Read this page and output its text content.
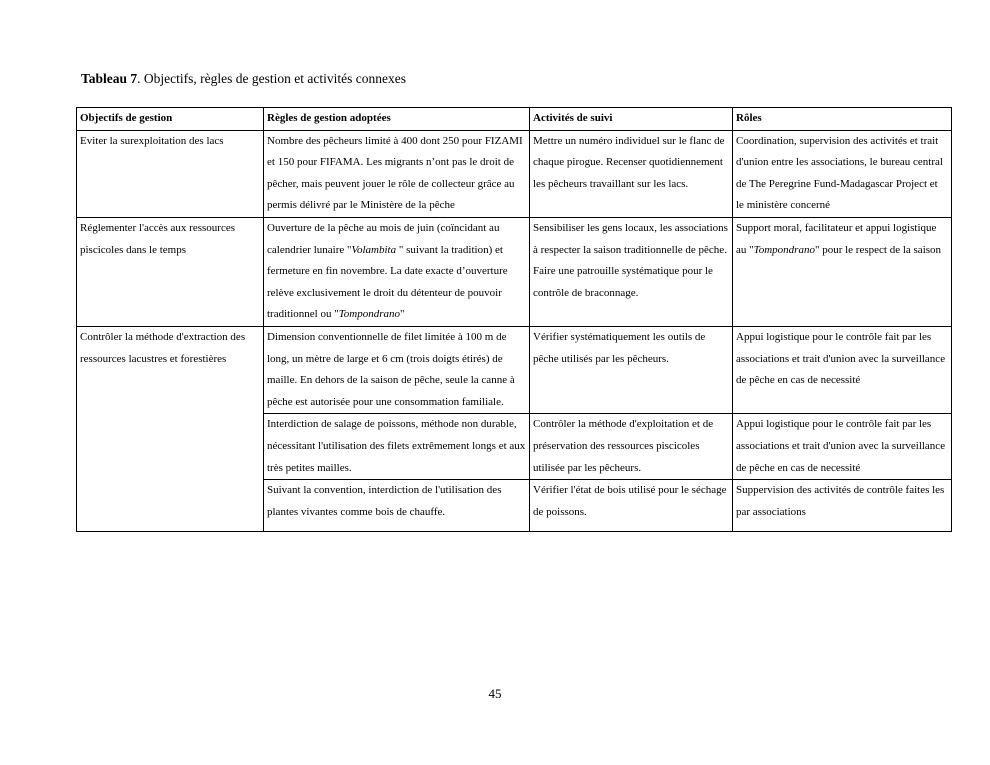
Tableau 7. Objectifs, règles de gestion et activités connexes
Objectifs de gestion	Règles de gestion adoptées	Activités de suivi	Rôles
Eviter la surexploitation des lacs	Nombre des pêcheurs limité à 400 dont 250 pour FIZAMI et 150 pour FIFAMA. Les migrants n’ont pas le droit de pêcher, mais peuvent jouer le rôle de collecteur grâce au permis délivré par le Ministère de la pêche	Mettre un numéro individuel sur le flanc de chaque pirogue. Recenser quotidiennement les pêcheurs travaillant sur les lacs.	Coordination, supervision des activités et trait d'union entre les associations, le bureau central de The Peregrine Fund-Madagascar Project et le ministère concerné
Réglementer l'accès aux ressources piscicoles dans le temps	Ouverture de la pêche au mois de juin (coïncidant au calendrier lunaire "Volambita " suivant la tradition) et fermeture en fin novembre. La date exacte d’ouverture relève exclusivement le droit du détenteur de pouvoir traditionnel ou "Tompondrano"	Sensibiliser les gens locaux, les associations à respecter la saison traditionnelle de pêche. Faire une patrouille systématique pour le contrôle de braconnage.	Support moral, facilitateur et appui logistique au "Tompondrano" pour le respect de la saison
Contrôler la méthode d'extraction des ressources lacustres et forestières	Dimension conventionnelle de filet limitée à 100 m de long, un mètre de large et 6 cm (trois doigts étirés) de maille. En dehors de la saison de pêche, seule la canne à pêche est autorisée pour une consommation familiale.	Vérifier systématiquement les outils de pêche utilisés par les pêcheurs.	Appui logistique pour le contrôle fait par les associations et trait d'union avec la surveillance de pêche en cas de necessité
	Interdiction de salage de poissons, méthode non durable, nécessitant l'utilisation des filets extrêmement longs et aux très petites mailles.	Contrôler la méthode d'exploitation et de préservation des ressources piscicoles utilisée par les pêcheurs.	Appui logistique pour le contrôle fait par les associations et trait d'union avec la surveillance de pêche en cas de necessité
	Suivant la convention, interdiction de l'utilisation des plantes vivantes comme bois de chauffe.	Vérifier l'état de bois utilisé pour le séchage de poissons.	Suppervision des activités de contrôle faites les par associations
45
